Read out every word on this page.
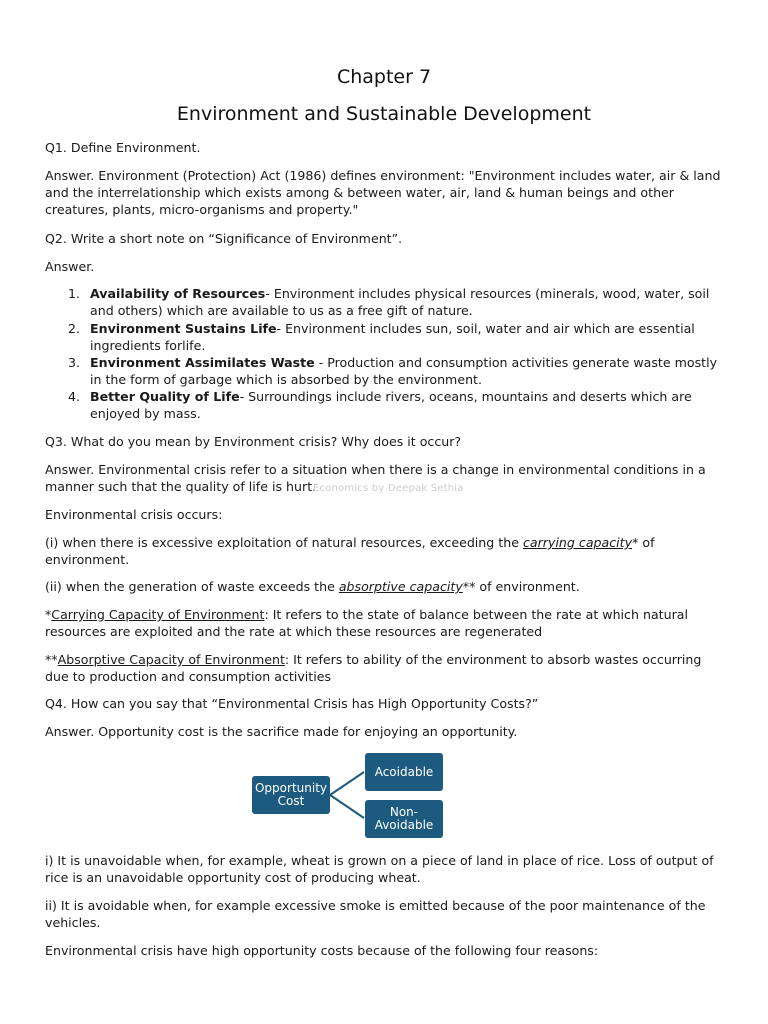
Chapter 7
Environment and Sustainable Development
Q1. Define Environment.
Answer. Environment (Protection) Act (1986) defines environment: "Environment includes water, air & land and the interrelationship which exists among & between water, air, land & human beings and other creatures, plants, micro-organisms and property."
Q2. Write a short note on “Significance of Environment”.
Answer.
1. Availability of Resources- Environment includes physical resources (minerals, wood, water, soil and others) which are available to us as a free gift of nature.
2. Environment Sustains Life- Environment includes sun, soil, water and air which are essential ingredients forlife.
3. Environment Assimilates Waste - Production and consumption activities generate waste mostly in the form of garbage which is absorbed by the environment.
4. Better Quality of Life- Surroundings include rivers, oceans, mountains and deserts which are enjoyed by mass.
Q3. What do you mean by Environment crisis? Why does it occur?
Answer. Environmental crisis refer to a situation when there is a change in environmental conditions in a manner such that the quality of life is hurt.
Economics by Deepak Sethia
Environmental crisis occurs:
(i) when there is excessive exploitation of natural resources, exceeding the carrying capacity* of environment.
(ii) when the generation of waste exceeds the absorptive capacity** of environment.
*Carrying Capacity of Environment: It refers to the state of balance between the rate at which natural resources are exploited and the rate at which these resources are regenerated
**Absorptive Capacity of Environment: It refers to ability of the environment to absorb wastes occurring due to production and consumption activities
Q4. How can you say that “Environmental Crisis has High Opportunity Costs?”
Answer. Opportunity cost is the sacrifice made for enjoying an opportunity.
Opportunity Cost
Acoidable
Non-Avoidable
i) It is unavoidable when, for example, wheat is grown on a piece of land in place of rice. Loss of output of rice is an unavoidable opportunity cost of producing wheat.
ii) It is avoidable when, for example excessive smoke is emitted because of the poor maintenance of the vehicles.
Environmental crisis have high opportunity costs because of the following four reasons:
